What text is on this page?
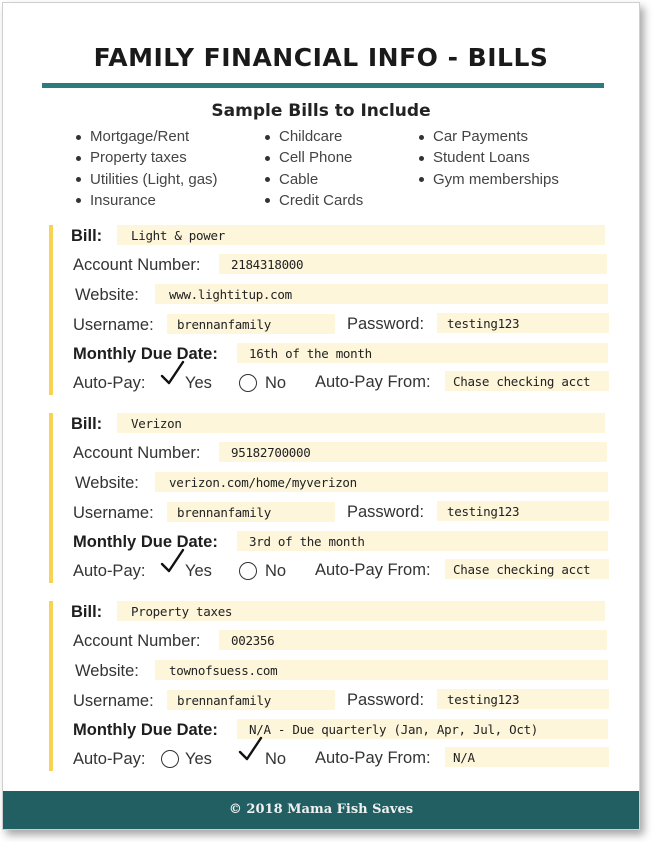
FAMILY FINANCIAL INFO - BILLS
Sample Bills to Include
Mortgage/Rent
Property taxes
Utilities (Light, gas)
Insurance
Childcare
Cell Phone
Cable
Credit Cards
Car Payments
Student Loans
Gym memberships
Bill: Light & power
Account Number: 2184318000
Website: www.lightitup.com
Username: brennanfamily	Password: testing123
Monthly Due Date: 16th of the month
Auto-Pay: Yes	No Auto-Pay From: Chase checking acct
Bill: Verizon
Account Number: 95182700000
Website: verizon.com/home/myverizon
Username: brennanfamily	Password: testing123
Monthly Due Date: 3rd of the month
Auto-Pay: Yes	No Auto-Pay From: Chase checking acct
Bill: Property taxes
Account Number: 002356
Website: townofsuess.com
Username: brennanfamily	Password: testing123
Monthly Due Date: N/A - Due quarterly (Jan, Apr, Jul, Oct)
Auto-Pay: Yes	No Auto-Pay From: N/A
© 2018 Mama Fish Saves
